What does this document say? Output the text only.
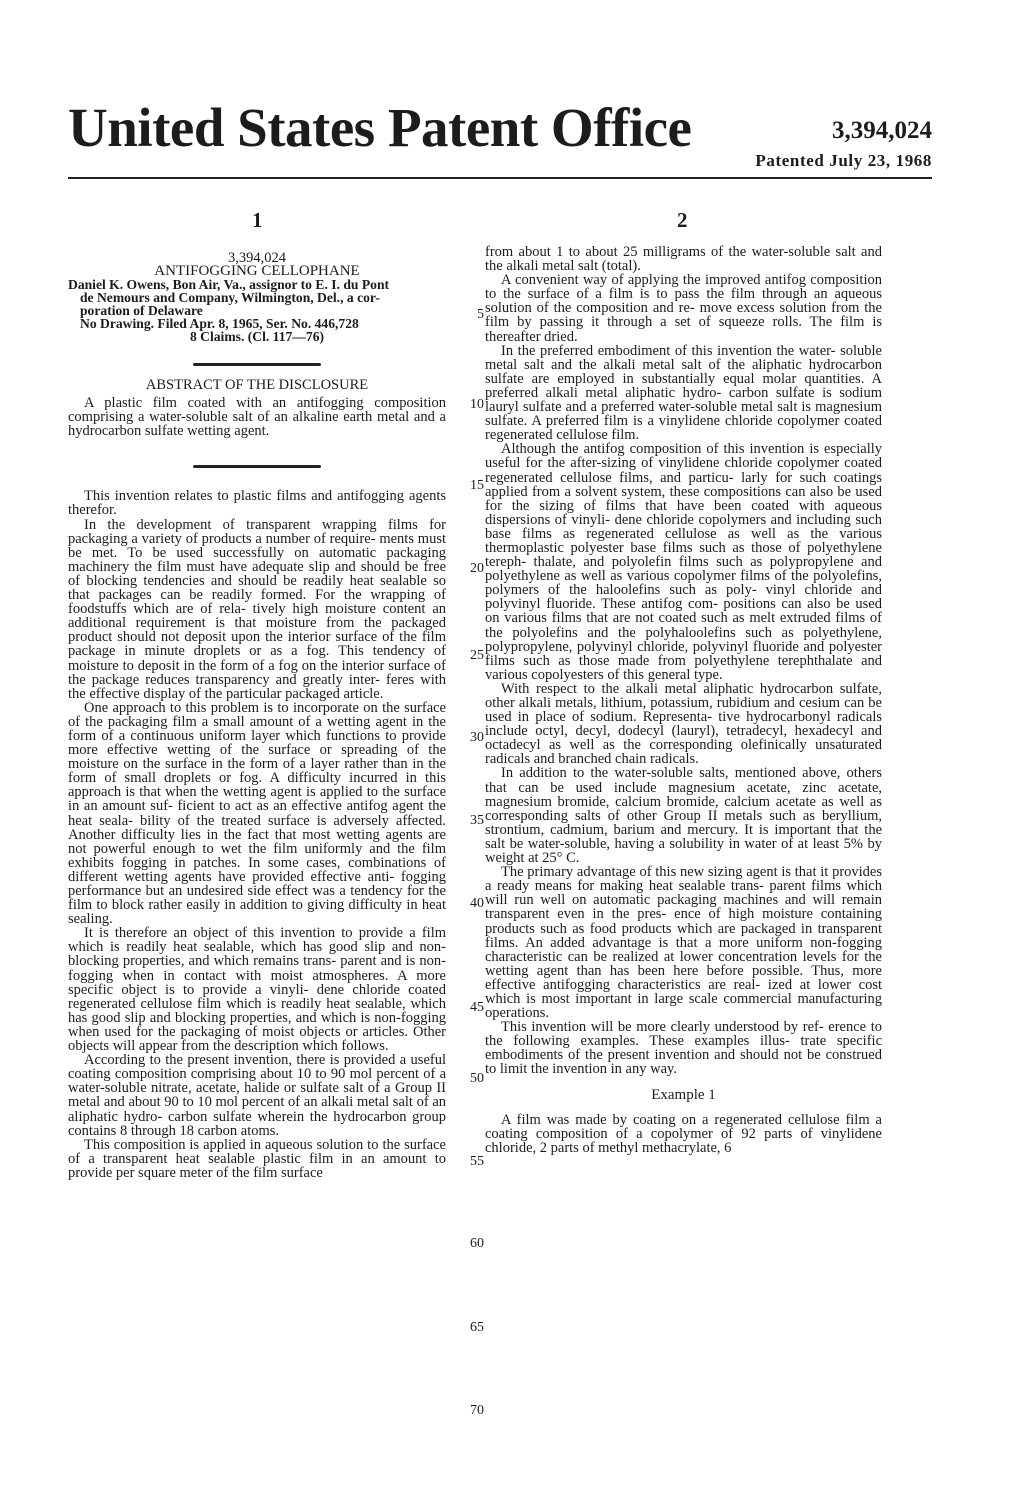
United States Patent Office	3,394,024
Patented July 23, 1968
1	2
5
10
15
20
25
30
35
40
45
50
55
60
65
70
3,394,024
ANTIFOGGING CELLOPHANE
Daniel K. Owens, Bon Air, Va., assignor to E. I. du Pont
de Nemours and Company, Wilmington, Del., a cor-
poration of Delaware
No Drawing. Filed Apr. 8, 1965, Ser. No. 446,728
8 Claims. (Cl. 117—76)
ABSTRACT OF THE DISCLOSURE

A plastic film coated with an antifogging composition comprising a water-soluble salt of an alkaline earth metal and a hydrocarbon sulfate wetting agent.

This invention relates to plastic films and antifogging agents therefor.

In the development of transparent wrapping films for packaging a variety of products a number of require- ments must be met. To be used successfully on automatic packaging machinery the film must have adequate slip and should be free of blocking tendencies and should be readily heat sealable so that packages can be readily formed. For the wrapping of foodstuffs which are of rela- tively high moisture content an additional requirement is that moisture from the packaged product should not deposit upon the interior surface of the film package in minute droplets or as a fog. This tendency of moisture to deposit in the form of a fog on the interior surface of the package reduces transparency and greatly inter- feres with the effective display of the particular packaged article.

One approach to this problem is to incorporate on the surface of the packaging film a small amount of a wetting agent in the form of a continuous uniform layer which functions to provide more effective wetting of the surface or spreading of the moisture on the surface in the form of a layer rather than in the form of small droplets or fog. A difficulty incurred in this approach is that when the wetting agent is applied to the surface in an amount suf- ficient to act as an effective antifog agent the heat seala- bility of the treated surface is adversely affected. Another difficulty lies in the fact that most wetting agents are not powerful enough to wet the film uniformly and the film exhibits fogging in patches. In some cases, combinations of different wetting agents have provided effective anti- fogging performance but an undesired side effect was a tendency for the film to block rather easily in addition to giving difficulty in heat sealing.

It is therefore an object of this invention to provide a film which is readily heat sealable, which has good slip and non-blocking properties, and which remains trans- parent and is non-fogging when in contact with moist atmospheres. A more specific object is to provide a vinyli- dene chloride coated regenerated cellulose film which is readily heat sealable, which has good slip and blocking properties, and which is non-fogging when used for the packaging of moist objects or articles. Other objects will appear from the description which follows.

According to the present invention, there is provided a useful coating composition comprising about 10 to 90 mol percent of a water-soluble nitrate, acetate, halide or sulfate salt of a Group II metal and about 90 to 10 mol percent of an alkali metal salt of an aliphatic hydro- carbon sulfate wherein the hydrocarbon group contains 8 through 18 carbon atoms.

This composition is applied in aqueous solution to the surface of a transparent heat sealable plastic film in an amount to provide per square meter of the film surface

from about 1 to about 25 milligrams of the water-soluble salt and the alkali metal salt (total).

A convenient way of applying the improved antifog composition to the surface of a film is to pass the film through an aqueous solution of the composition and re- move excess solution from the film by passing it through a set of squeeze rolls. The film is thereafter dried.

In the preferred embodiment of this invention the water- soluble metal salt and the alkali metal salt of the aliphatic hydrocarbon sulfate are employed in substantially equal molar quantities. A preferred alkali metal aliphatic hydro- carbon sulfate is sodium lauryl sulfate and a preferred water-soluble metal salt is magnesium sulfate. A preferred film is a vinylidene chloride copolymer coated regenerated cellulose film.

Although the antifog composition of this invention is especially useful for the after-sizing of vinylidene chloride copolymer coated regenerated cellulose films, and particu- larly for such coatings applied from a solvent system, these compositions can also be used for the sizing of films that have been coated with aqueous dispersions of vinyli- dene chloride copolymers and including such base films as regenerated cellulose as well as the various thermoplastic polyester base films such as those of polyethylene tereph- thalate, and polyolefin films such as polypropylene and polyethylene as well as various copolymer films of the polyolefins, polymers of the haloolefins such as poly- vinyl chloride and polyvinyl fluoride. These antifog com- positions can also be used on various films that are not coated such as melt extruded films of the polyolefins and the polyhaloolefins such as polyethylene, polypropylene, polyvinyl chloride, polyvinyl fluoride and polyester films such as those made from polyethylene terephthalate and various copolyesters of this general type.

With respect to the alkali metal aliphatic hydrocarbon sulfate, other alkali metals, lithium, potassium, rubidium and cesium can be used in place of sodium. Representa- tive hydrocarbonyl radicals include octyl, decyl, dodecyl (lauryl), tetradecyl, hexadecyl and octadecyl as well as the corresponding olefinically unsaturated radicals and branched chain radicals.

In addition to the water-soluble salts, mentioned above, others that can be used include magnesium acetate, zinc acetate, magnesium bromide, calcium bromide, calcium acetate as well as corresponding salts of other Group II metals such as beryllium, strontium, cadmium, barium and mercury. It is important that the salt be water-soluble, having a solubility in water of at least 5% by weight at 25° C.

The primary advantage of this new sizing agent is that it provides a ready means for making heat sealable trans- parent films which will run well on automatic packaging machines and will remain transparent even in the pres- ence of high moisture containing products such as food products which are packaged in transparent films. An added advantage is that a more uniform non-fogging characteristic can be realized at lower concentration levels for the wetting agent than has been here before possible. Thus, more effective antifogging characteristics are real- ized at lower cost which is most important in large scale commercial manufacturing operations.

This invention will be more clearly understood by ref- erence to the following examples. These examples illus- trate specific embodiments of the present invention and should not be construed to limit the invention in any way.

Example 1

A film was made by coating on a regenerated cellulose film a coating composition of a copolymer of 92 parts of vinylidene chloride, 2 parts of methyl methacrylate, 6
